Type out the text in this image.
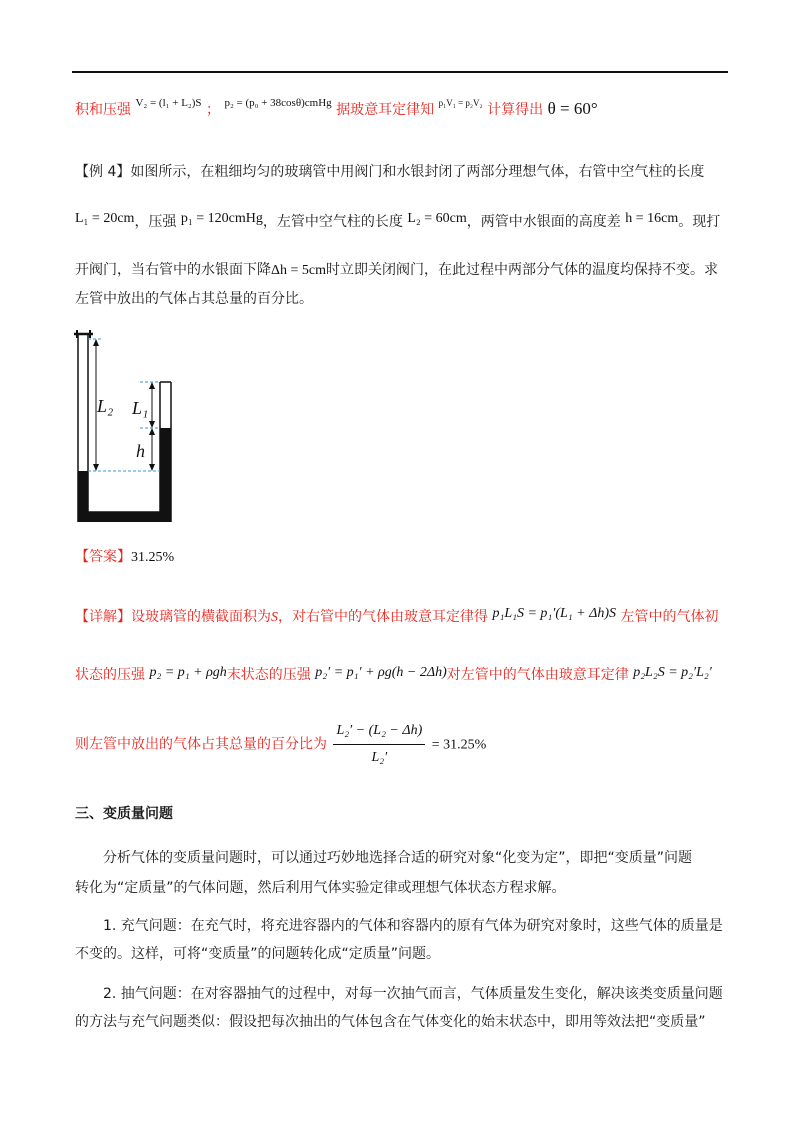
积和压强 $^{V_2 = (l_1 + L_2)S}$ ； $^{p_2 = (p_0 + 38cos\theta)cmHg}$ 据玻意耳定律知 $^{p_1V_1 = p_2V_2}$ 计算得出 θ = 60°
【例 4】如图所示，在粗细均匀的玻璃管中用阀门和水银封闭了两部分理想气体，右管中空气柱的长度
L₁ = 20cm，压强 p₁ = 120cmHg，左管中空气柱的长度 L₂ = 60cm，两管中水银面的高度差 h = 16cm。现打
开阀门，当右管中的水银面下降Δh = 5cm时立即关闭阀门，在此过程中两部分气体的温度均保持不变。求
左管中放出的气体占其总量的百分比。
L₂ L₁
h
【答案】31.25%
【详解】设玻璃管的横截面积为S，对右管中的气体由玻意耳定律得 p₁L₁S = p₁′(L₁ + Δh)S 左管中的气体初
状态的压强 p₂ = p₁ + ρgh末状态的压强 p₂′ = p₁′ + ρg(h − 2Δh)对左管中的气体由玻意耳定律 p₂L₂S = p₂′L₂′
则左管中放出的气体占其总量的百分比为 $\frac{\text{L₂′ − (L₂ − Δh)}}{\text{L₂′}} = 31.25\%$
三、变质量问题
分析气体的变质量问题时，可以通过巧妙地选择合适的研究对象“化变为定”，即把“变质量”问题

转化为“定质量”的气体问题，然后利用气体实验定律或理想气体状态方程求解。
1. 充气问题：在充气时，将充进容器内的气体和容器内的原有气体为研究对象时，这些气体的质量是
不变的。这样，可将“变质量”的问题转化成“定质量”问题。
2. 抽气问题：在对容器抽气的过程中，对每一次抽气而言，气体质量发生变化，解决该类变质量问题
的方法与充气问题类似：假设把每次抽出的气体包含在气体变化的始末状态中，即用等效法把“变质量”
